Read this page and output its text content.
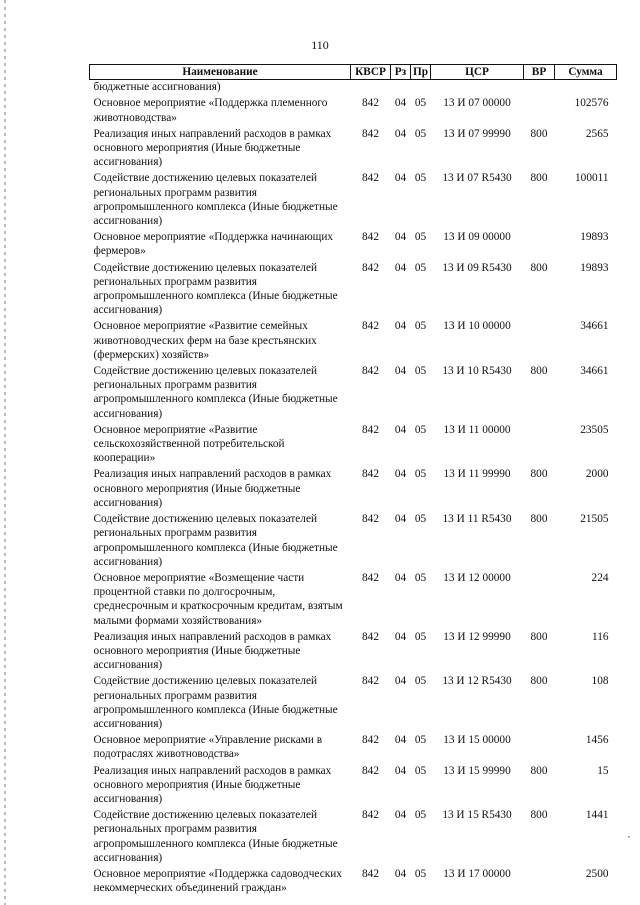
110
Наименование	КВСР	Рз	Пр	ЦСР	ВР	Сумма
бюджетные ассигнования)						
Основное мероприятие «Поддержка племенного животноводства»	842	04	05	13 И 07 00000		102576
Реализация иных направлений расходов в рамках основного мероприятия (Иные бюджетные ассигнования)	842	04	05	13 И 07 99990	800	2565
Содействие достижению целевых показателей региональных программ развития агропромышленного комплекса (Иные бюджетные ассигнования)	842	04	05	13 И 07 R5430	800	100011
Основное мероприятие «Поддержка начинающих фермеров»	842	04	05	13 И 09 00000		19893
Содействие достижению целевых показателей региональных программ развития агропромышленного комплекса (Иные бюджетные ассигнования)	842	04	05	13 И 09 R5430	800	19893
Основное мероприятие «Развитие семейных животноводческих ферм на базе крестьянских (фермерских) хозяйств»	842	04	05	13 И 10 00000		34661
Содействие достижению целевых показателей региональных программ развития агропромышленного комплекса (Иные бюджетные ассигнования)	842	04	05	13 И 10 R5430	800	34661
Основное мероприятие «Развитие сельскохозяйственной потребительской кооперации»	842	04	05	13 И 11 00000		23505
Реализация иных направлений расходов в рамках основного мероприятия (Иные бюджетные ассигнования)	842	04	05	13 И 11 99990	800	2000
Содействие достижению целевых показателей региональных программ развития агропромышленного комплекса (Иные бюджетные ассигнования)	842	04	05	13 И 11 R5430	800	21505
Основное мероприятие «Возмещение части процентной ставки по долгосрочным, среднесрочным и краткосрочным кредитам, взятым малыми формами хозяйствования»	842	04	05	13 И 12 00000		224
Реализация иных направлений расходов в рамках основного мероприятия (Иные бюджетные ассигнования)	842	04	05	13 И 12 99990	800	116
Содействие достижению целевых показателей региональных программ развития агропромышленного комплекса (Иные бюджетные ассигнования)	842	04	05	13 И 12 R5430	800	108
Основное мероприятие «Управление рисками в подотраслях животноводства»	842	04	05	13 И 15 00000		1456
Реализация иных направлений расходов в рамках основного мероприятия (Иные бюджетные ассигнования)	842	04	05	13 И 15 99990	800	15
Содействие достижению целевых показателей региональных программ развития агропромышленного комплекса (Иные бюджетные ассигнования)	842	04	05	13 И 15 R5430	800	1441
Основное мероприятие «Поддержка садоводческих некоммерческих объединений граждан»	842	04	05	13 И 17 00000		2500
